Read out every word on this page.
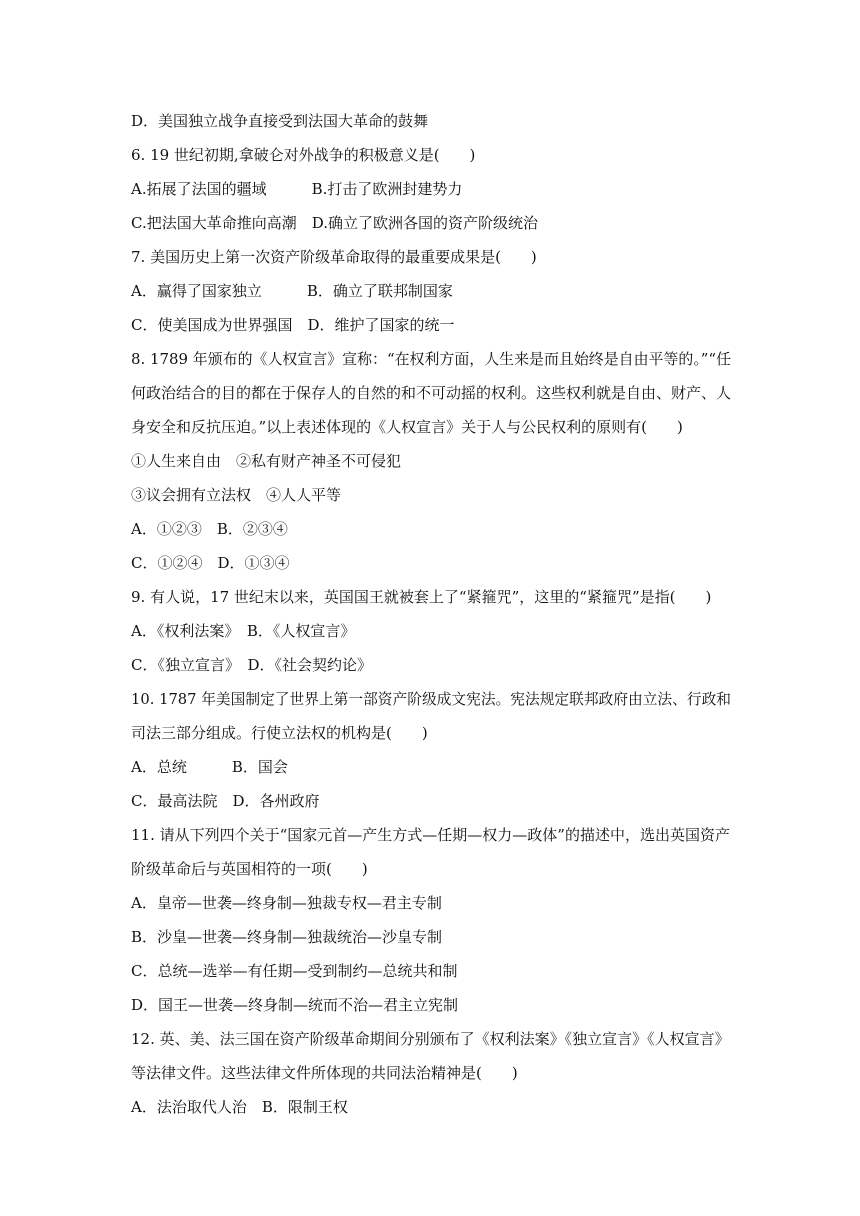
D．美国独立战争直接受到法国大革命的鼓舞
6. 19 世纪初期,拿破仑对外战争的积极意义是(　　)
A.拓展了法国的疆域　　　B.打击了欧洲封建势力
C.把法国大革命推向高潮　D.确立了欧洲各国的资产阶级统治
7. 美国历史上第一次资产阶级革命取得的最重要成果是(　　)
A．赢得了国家独立　　　B．确立了联邦制国家
C．使美国成为世界强国　D．维护了国家的统一
8. 1789 年颁布的《人权宣言》宣称：“在权利方面，人生来是而且始终是自由平等的。”“任
何政治结合的目的都在于保存人的自然的和不可动摇的权利。这些权利就是自由、财产、人
身安全和反抗压迫。”以上表述体现的《人权宣言》关于人与公民权利的原则有(　　)
①人生来自由　②私有财产神圣不可侵犯
③议会拥有立法权　④人人平等
A．①②③　B．②③④
C．①②④　D．①③④
9. 有人说，17 世纪末以来，英国国王就被套上了“紧箍咒”，这里的“紧箍咒”是指(　　)
A．《权利法案》　B．《人权宣言》
C．《独立宣言》　D．《社会契约论》
10. 1787 年美国制定了世界上第一部资产阶级成文宪法。宪法规定联邦政府由立法、行政和
司法三部分组成。行使立法权的机构是(　　)
A．总统　　　B．国会
C．最高法院　D．各州政府
11. 请从下列四个关于“国家元首—产生方式—任期—权力—政体”的描述中，选出英国资产
阶级革命后与英国相符的一项(　　)
A．皇帝—世袭—终身制—独裁专权—君主专制
B．沙皇—世袭—终身制—独裁统治—沙皇专制
C．总统—选举—有任期—受到制约—总统共和制
D．国王—世袭—终身制—统而不治—君主立宪制
12. 英、美、法三国在资产阶级革命期间分别颁布了《权利法案》《独立宣言》《人权宣言》
等法律文件。这些法律文件所体现的共同法治精神是(　　)
A．法治取代人治　B．限制王权
